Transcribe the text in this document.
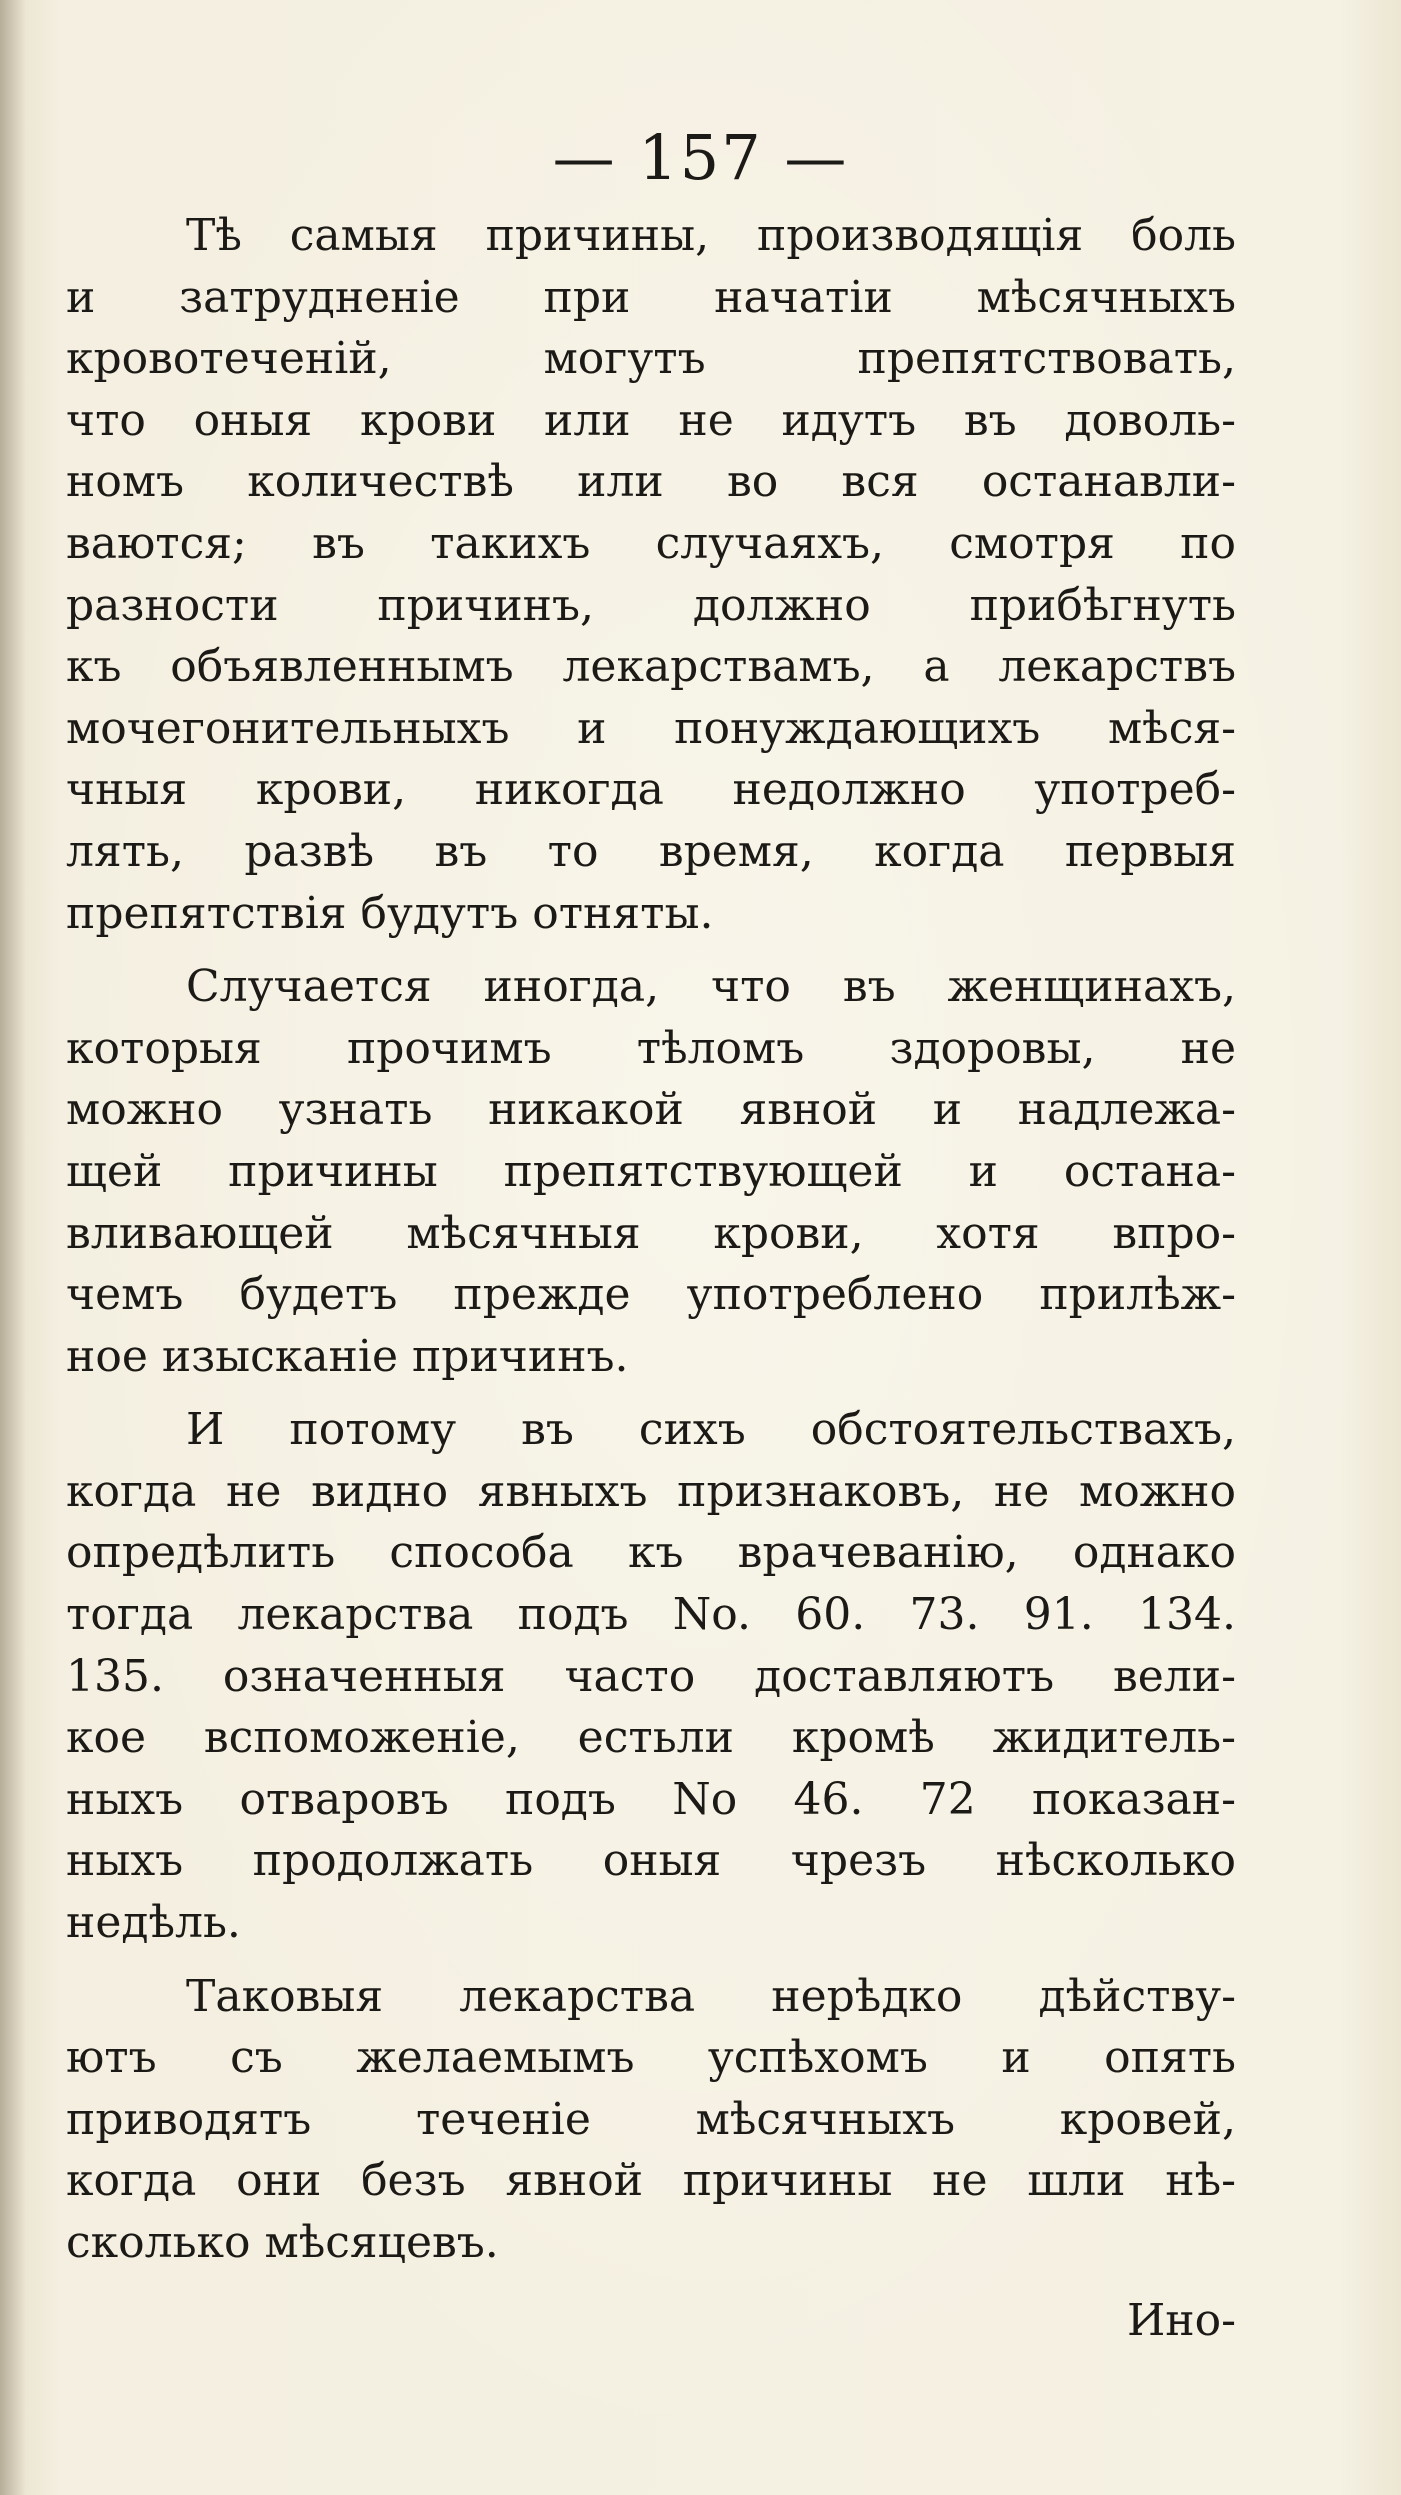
— 157 —
Тѣ самыя причины, производящія боль
и затрудненіе при начатіи мѣсячныхъ
кровотеченій, могутъ препятствовать,
что оныя крови или не идутъ въ доволь-
номъ количествѣ или во вся останавли-
ваются; въ такихъ случаяхъ, смотря по
разности причинъ, должно прибѣгнуть
къ объявленнымъ лекарствамъ, а лекарствъ
мочегонительныхъ и понуждающихъ мѣся-
чныя крови, никогда недолжно употреб-
лять, развѣ въ то время, когда первыя
препятствія будутъ отняты.
Случается иногда, что въ женщинахъ,
которыя прочимъ тѣломъ здоровы, не
можно узнать никакой явной и надлежа-
щей причины препятствующей и остана-
вливающей мѣсячныя крови, хотя впро-
чемъ будетъ прежде употреблено прилѣж-
ное изысканіе причинъ.
И потому въ сихъ обстоятельствахъ,
когда не видно явныхъ признаковъ, не можно
опредѣлить способа къ врачеванію, однако
тогда лекарства подъ No. 60. 73. 91. 134.
135. означенныя часто доставляютъ вели-
кое вспоможеніе, естьли кромѣ жидитель-
ныхъ отваровъ подъ No 46. 72 показан-
ныхъ продолжать оныя чрезъ нѣсколько
недѣль.
Таковыя лекарства нерѣдко дѣйству-
ютъ съ желаемымъ успѣхомъ и опять
приводятъ теченіе мѣсячныхъ кровей,
когда они безъ явной причины не шли нѣ-
сколько мѣсяцевъ.
Ино-
